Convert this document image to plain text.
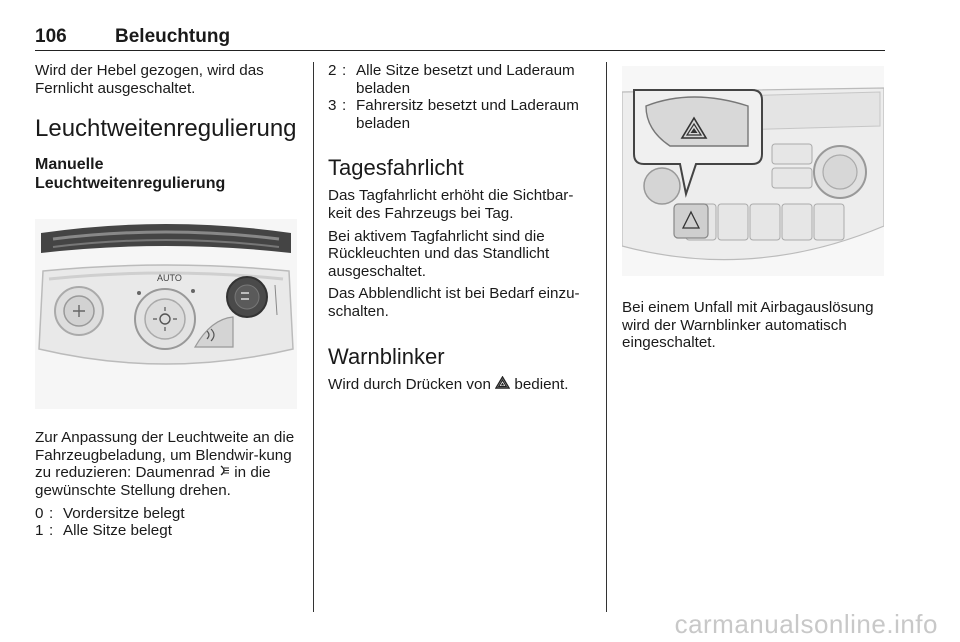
106	Beleuchtung

Wird der Hebel gezogen, wird das Fernlicht ausgeschaltet.

Leuchtweitenregulierung
Manuelle
Leuchtweitenregulierung
AUTO

Zur Anpassung der Leuchtweite an die Fahrzeugbeladung, um Blendwir-kung zu reduzieren: Daumenrad in die gewünschte Stellung drehen.

0 : Vordersitze belegt
1 : Alle Sitze belegt
2 : Alle Sitze besetzt und Laderaum beladen
3 : Fahrersitz besetzt und Laderaum beladen
Tagesfahrlicht

Das Tagfahrlicht erhöht die Sichtbar-keit des Fahrzeugs bei Tag.

Bei aktivem Tagfahrlicht sind die Rückleuchten und das Standlicht ausgeschaltet.

Das Abblendlicht ist bei Bedarf einzu-schalten.

Warnblinker

Wird durch Drücken von bedient.

Bei einem Unfall mit Airbagauslösung wird der Warnblinker automatisch eingeschaltet.

carmanualsonline.info
